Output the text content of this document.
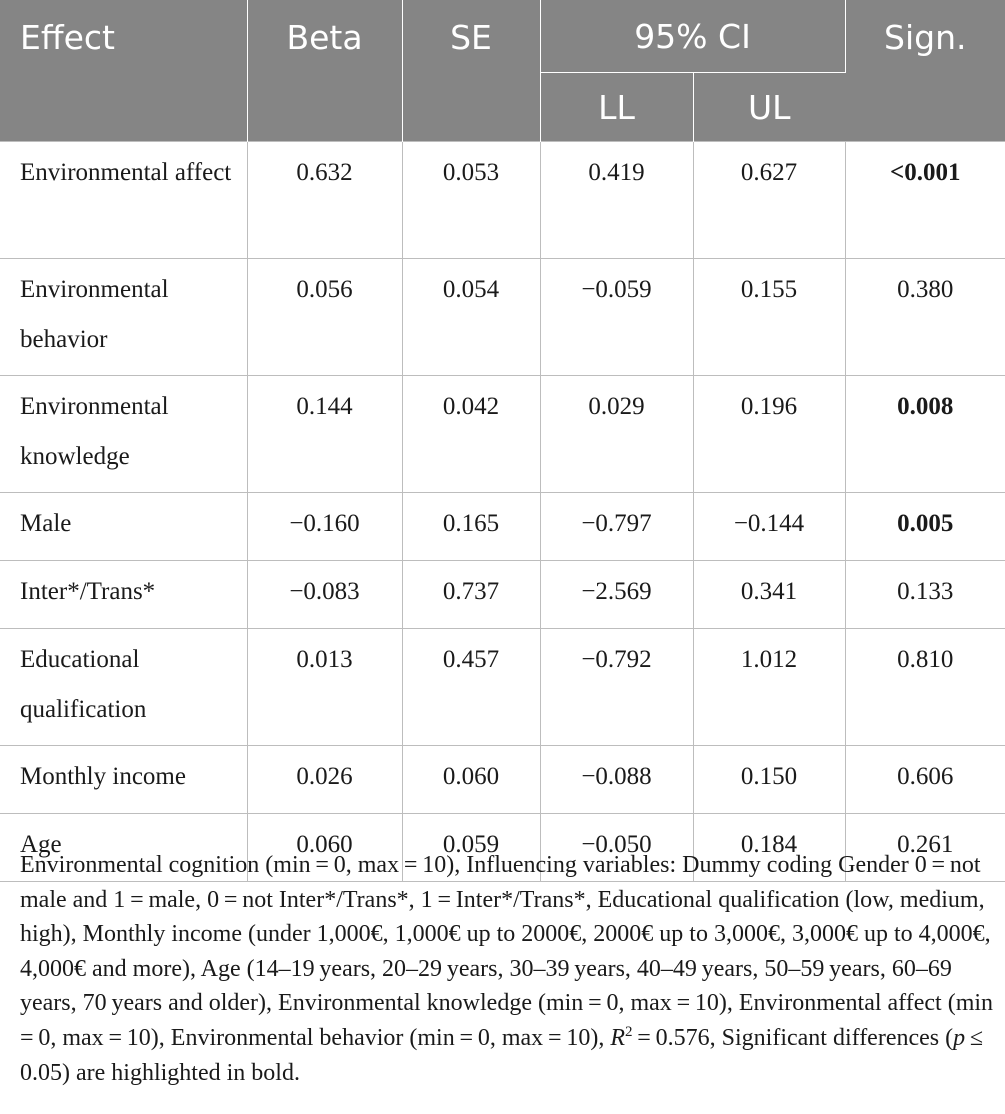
Effect	Beta	SE	95% CI		Sign.
			LL	UL	
Environmental affect	0.632	0.053	0.419	0.627	<0.001
Environmental behavior	0.056	0.054	−0.059	0.155	0.380
Environmental knowledge	0.144	0.042	0.029	0.196	0.008
Male	−0.160	0.165	−0.797	−0.144	0.005
Inter*/Trans*	−0.083	0.737	−2.569	0.341	0.133
Educational qualification	0.013	0.457	−0.792	1.012	0.810
Monthly income	0.026	0.060	−0.088	0.150	0.606
Age	0.060	0.059	−0.050	0.184	0.261

Environmental cognition (min = 0, max = 10), Influencing variables: Dummy coding Gender 0 = not male and 1 = male, 0 = not Inter*/Trans*, 1 = Inter*/Trans*, Educational qualification (low, medium, high), Monthly income (under 1,000€, 1,000€ up to 2000€, 2000€ up to 3,000€, 3,000€ up to 4,000€, 4,000€ and more), Age (14–19 years, 20–29 years, 30–39 years, 40–49 years, 50–59 years, 60–69 years, 70 years and older), Environmental knowledge (min = 0, max = 10), Environmental affect (min = 0, max = 10), Environmental behavior (min = 0, max = 10), $R^2 = 0.576$, Significant differences (p ≤ 0.05) are highlighted in bold.
